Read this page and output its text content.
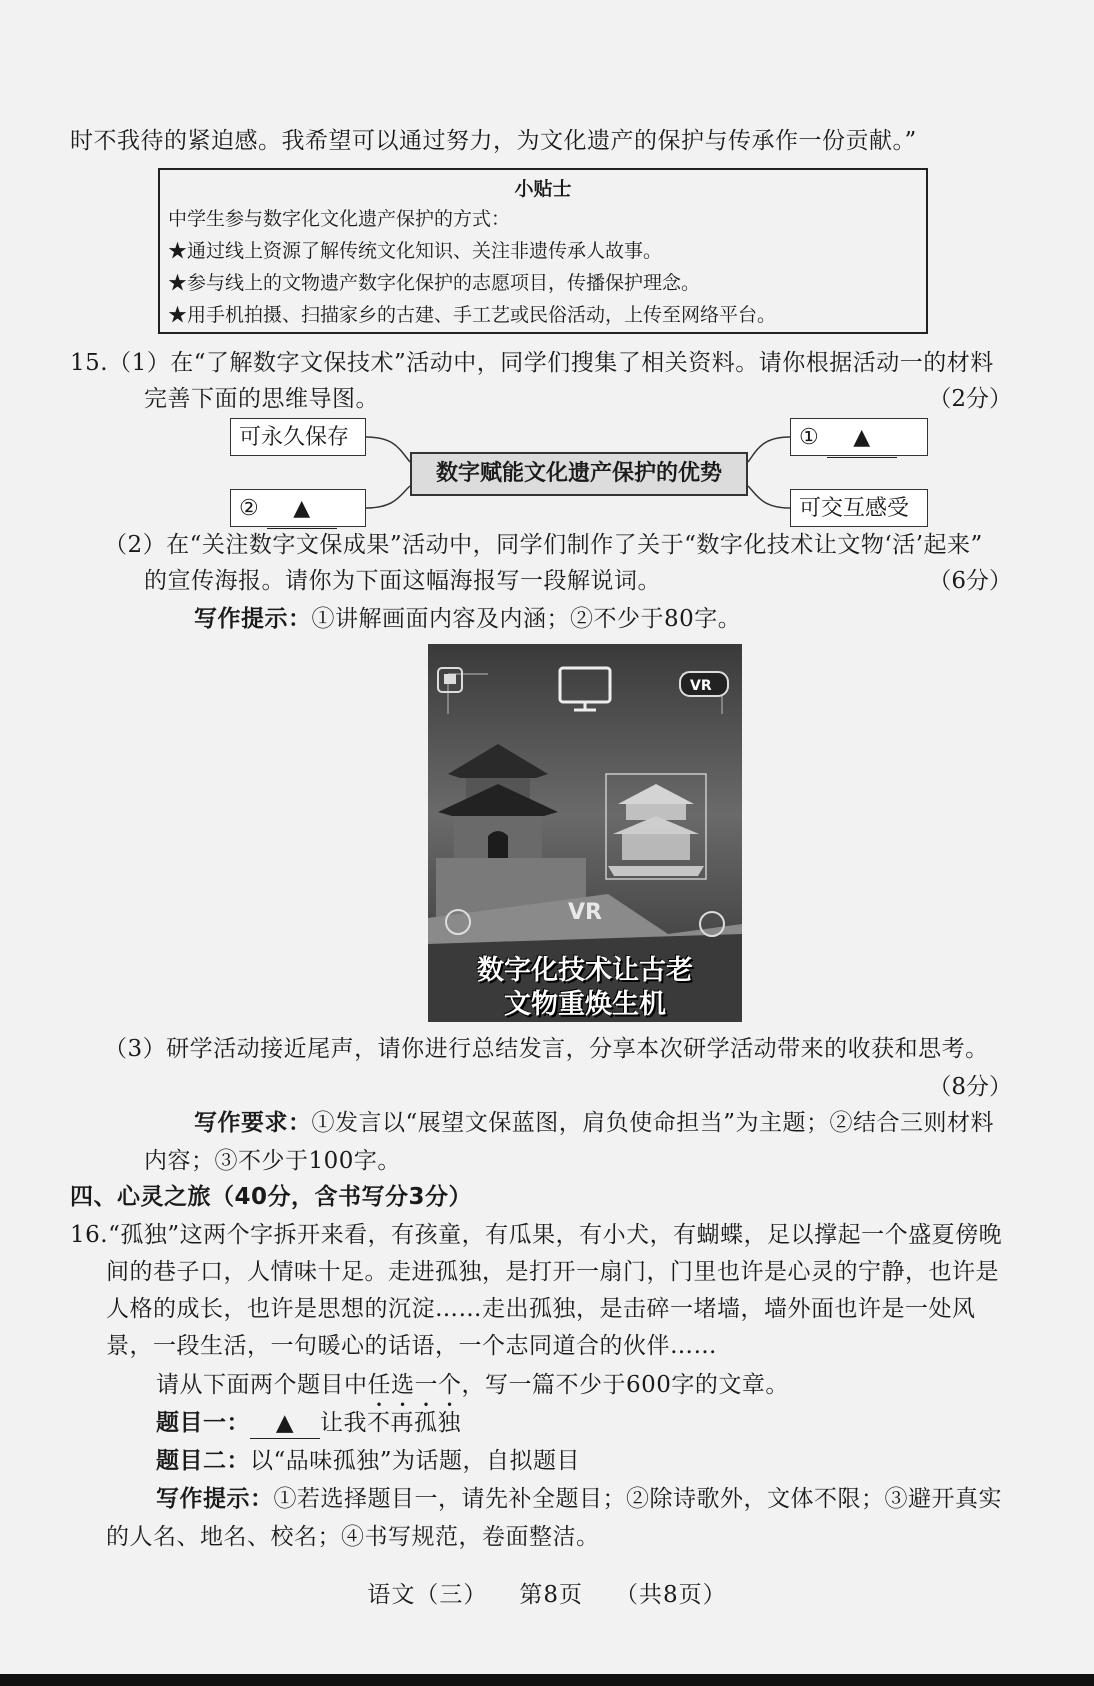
时不我待的紧迫感。我希望可以通过努力，为文化遗产的保护与传承作一份贡献。”
小贴士
中学生参与数字化文化遗产保护的方式：
★通过线上资源了解传统文化知识、关注非遗传承人故事。
★参与线上的文物遗产数字化保护的志愿项目，传播保护理念。
★用手机拍摄、扫描家乡的古建、手工艺或民俗活动，上传至网络平台。
15.（1）在“了解数字文保技术”活动中，同学们搜集了相关资料。请你根据活动一的材料
完善下面的思维导图。	（2分）
可永久保存	① ▲
数字赋能文化遗产保护的优势
② ▲	可交互感受
（2）在“关注数字文保成果”活动中，同学们制作了关于“数字化技术让文物‘活’起来”
的宣传海报。请你为下面这幅海报写一段解说词。	（6分）
写作提示：①讲解画面内容及内涵；②不少于80字。
VR
VR
数字化技术让古老
文物重焕生机
（3）研学活动接近尾声，请你进行总结发言，分享本次研学活动带来的收获和思考。
（8分）
写作要求：①发言以“展望文保蓝图，肩负使命担当”为主题；②结合三则材料
内容；③不少于100字。
四、心灵之旅（40分，含书写分3分）
16.“孤独”这两个字拆开来看，有孩童，有瓜果，有小犬，有蝴蝶，足以撑起一个盛夏傍晚
间的巷子口，人情味十足。走进孤独，是打开一扇门，门里也许是心灵的宁静，也许是
人格的成长，也许是思想的沉淀……走出孤独，是击碎一堵墙，墙外面也许是一处风
景，一段生活，一句暖心的话语，一个志同道合的伙伴……
请从下面两个题目中任选一个，写一篇不少于600字的文章。
题目一： ▲ 让我不再孤独
题目二：以“品味孤独”为话题，自拟题目
写作提示：①若选择题目一，请先补全题目；②除诗歌外，文体不限；③避开真实
的人名、地名、校名；④书写规范，卷面整洁。
语文（三） 第8页 （共8页）
